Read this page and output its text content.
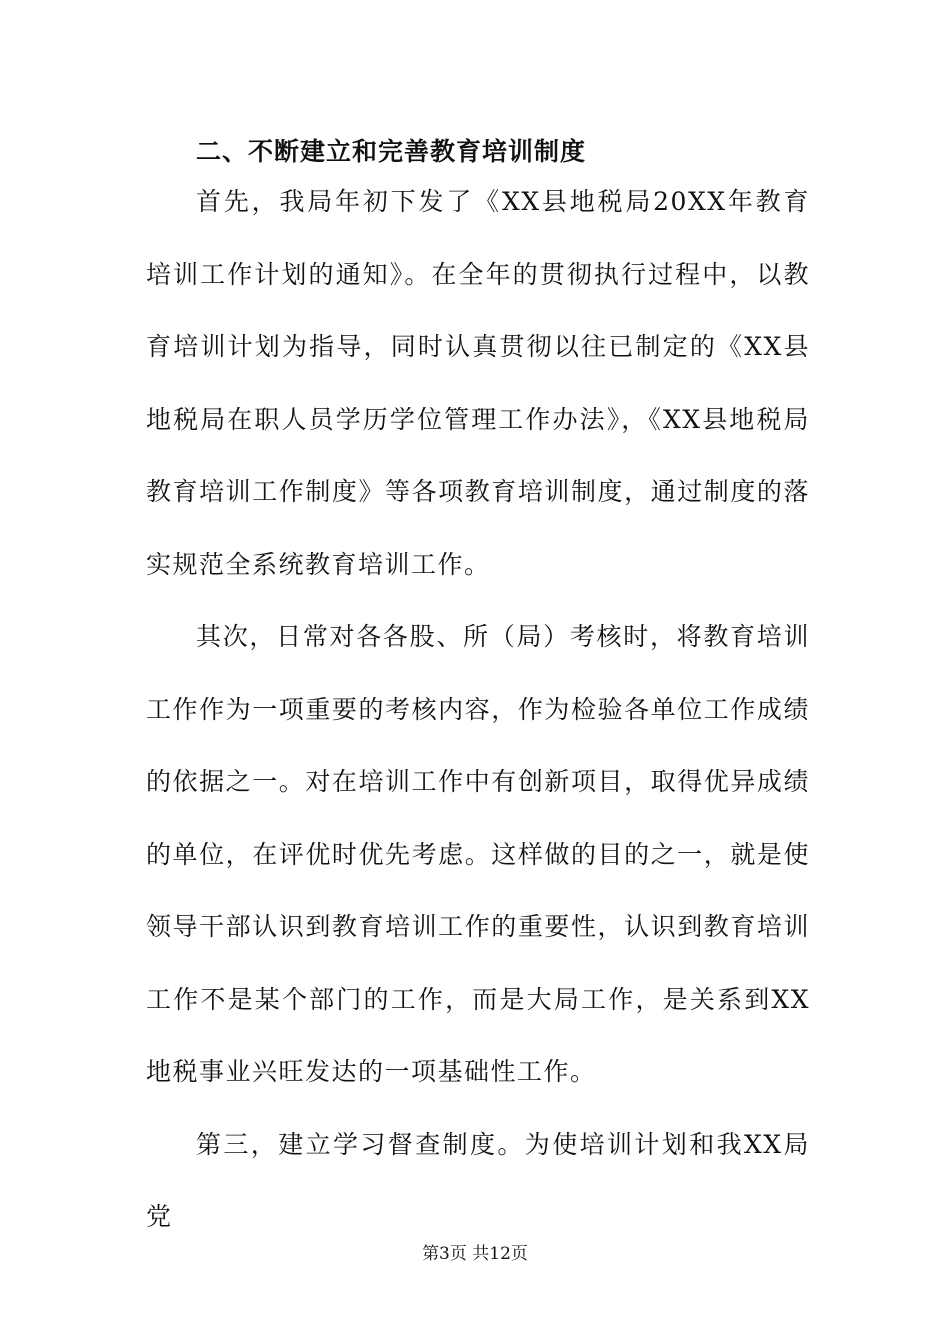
二、不断建立和完善教育培训制度

首先，我局年初下发了《XX县地税局20XX年教育培训工作计划的通知》。在全年的贯彻执行过程中，以教育培训计划为指导，同时认真贯彻以往已制定的《XX县地税局在职人员学历学位管理工作办法》，《XX县地税局教育培训工作制度》等各项教育培训制度，通过制度的落实规范全系统教育培训工作。

其次，日常对各各股、所（局）考核时，将教育培训工作作为一项重要的考核内容，作为检验各单位工作成绩的依据之一。对在培训工作中有创新项目，取得优异成绩的单位，在评优时优先考虑。这样做的目的之一，就是使领导干部认识到教育培训工作的重要性，认识到教育培训工作不是某个部门的工作，而是大局工作，是关系到XX地税事业兴旺发达的一项基础性工作。

第三，建立学习督查制度。为使培训计划和我XX局党

第3页 共12页
